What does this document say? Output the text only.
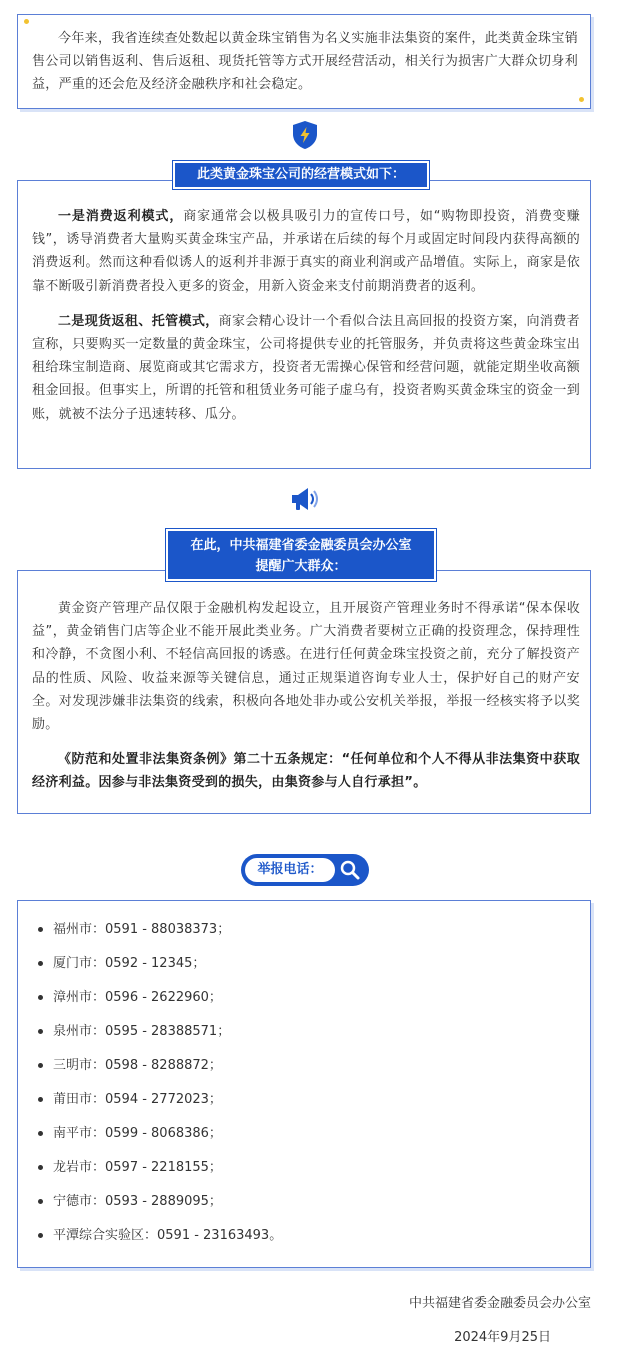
今年来，我省连续查处数起以黄金珠宝销售为名义实施非法集资的案件，此类黄金珠宝销售公司以销售返利、售后返租、现货托管等方式开展经营活动，相关行为损害广大群众切身利益，严重的还会危及经济金融秩序和社会稳定。

一是消费返利模式，商家通常会以极具吸引力的宣传口号，如“购物即投资，消费变赚钱”，诱导消费者大量购买黄金珠宝产品，并承诺在后续的每个月或固定时间段内获得高额的消费返利。然而这种看似诱人的返利并非源于真实的商业利润或产品增值。实际上，商家是依靠不断吸引新消费者投入更多的资金，用新入资金来支付前期消费者的返利。

二是现货返租、托管模式，商家会精心设计一个看似合法且高回报的投资方案，向消费者宣称，只要购买一定数量的黄金珠宝，公司将提供专业的托管服务，并负责将这些黄金珠宝出租给珠宝制造商、展览商或其它需求方，投资者无需操心保管和经营问题，就能定期坐收高额租金回报。但事实上，所谓的托管和租赁业务可能子虚乌有，投资者购买黄金珠宝的资金一到账，就被不法分子迅速转移、瓜分。

此类黄金珠宝公司的经营模式如下：

黄金资产管理产品仅限于金融机构发起设立，且开展资产管理业务时不得承诺“保本保收益”，黄金销售门店等企业不能开展此类业务。广大消费者要树立正确的投资理念，保持理性和冷静，不贪图小利、不轻信高回报的诱惑。在进行任何黄金珠宝投资之前，充分了解投资产品的性质、风险、收益来源等关键信息，通过正规渠道咨询专业人士，保护好自己的财产安全。对发现涉嫌非法集资的线索，积极向各地处非办或公安机关举报，举报一经核实将予以奖励。

《防范和处置非法集资条例》第二十五条规定：“任何单位和个人不得从非法集资中获取经济利益。因参与非法集资受到的损失，由集资参与人自行承担”。

在此，中共福建省委金融委员会办公室
提醒广大群众：
举报电话：
福州市：0591 - 88038373；
厦门市：0592 - 12345；
漳州市：0596 - 2622960；
泉州市：0595 - 28388571；
三明市：0598 - 8288872；
莆田市：0594 - 2772023；
南平市：0599 - 8068386；
龙岩市：0597 - 2218155；
宁德市：0593 - 2889095；
平潭综合实验区：0591 - 23163493。
中共福建省委金融委员会办公室
2024年9月25日
